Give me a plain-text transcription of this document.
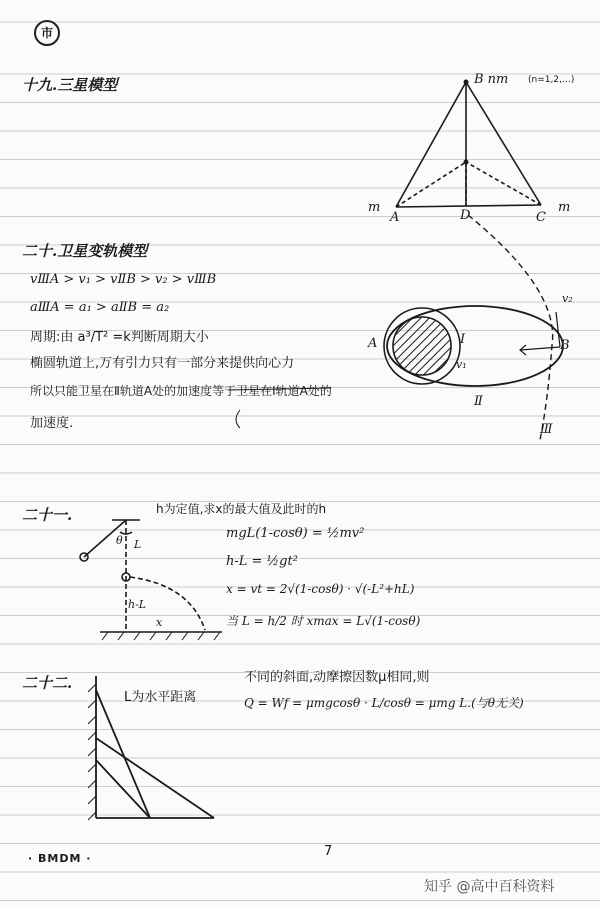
市
十九.三星模型	B nm (n=1,2,…)
m
A	D	C
m
二十.卫星变轨模型
vⅢA > v₁ > vⅡB > v₂ > vⅢB
aⅢA = a₁ > aⅡB = a₂
周期:由 a³/T² =k判断周期大小
椭圆轨道上,万有引力只有一部分来提供向心力
所以只能卫星在Ⅱ轨道A处的加速度等于卫星在Ⅰ轨道A处的
加速度.
A	B
I
v₁
v₂
Ⅱ
Ⅲ
二十一.	h为定值,求x的最大值及此时的h
mgL(1-cosθ) = ½mv²
h-L = ½gt²
x = vt = 2√(1-cosθ) · √(-L²+hL)
当 L = h/2 时 xmax = L√(1-cosθ)
θ L
h-L
x
二十二.
L为水平距离
不同的斜面,动摩擦因数μ相同,则
Q = Wf = μmgcosθ · L/cosθ = μmg L.(与θ无关)
· BMDM ·	7
知乎 @高中百科资料
